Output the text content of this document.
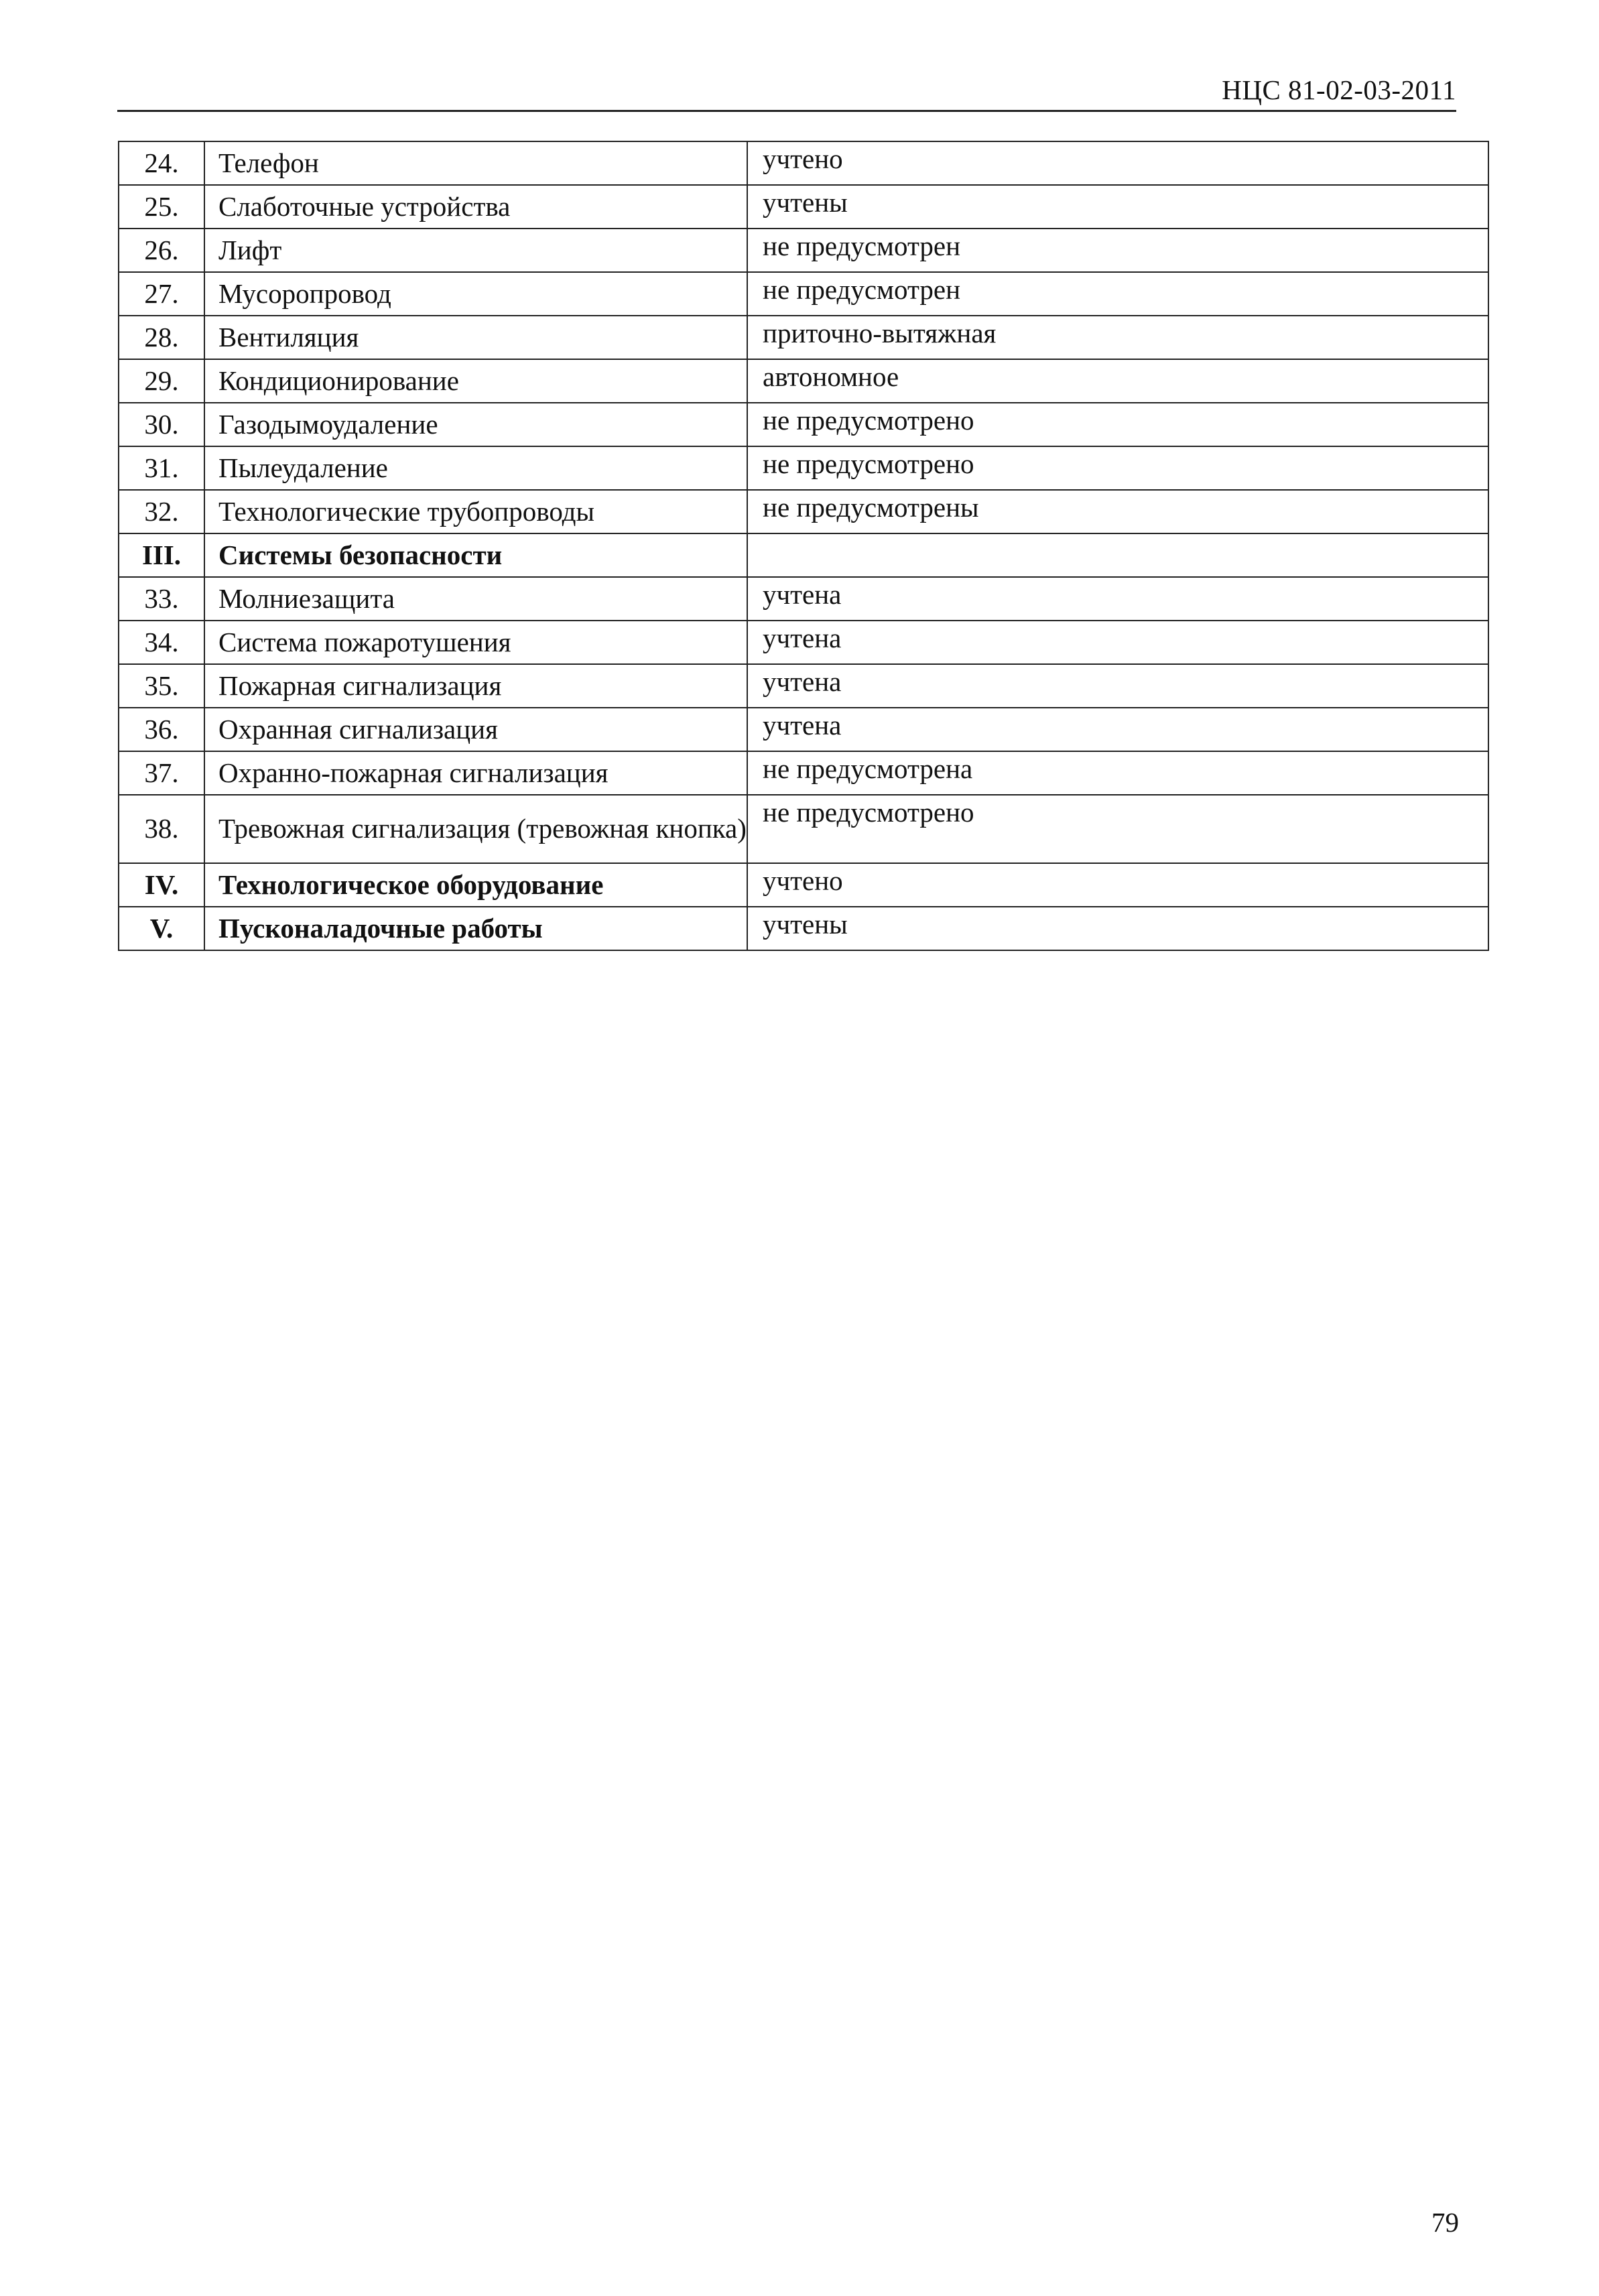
НЦС 81-02-03-2011
24.	Телефон	учтено
25.	Слаботочные устройства	учтены
26.	Лифт	не предусмотрен
27.	Мусоропровод	не предусмотрен
28.	Вентиляция	приточно-вытяжная
29.	Кондиционирование	автономное
30.	Газодымоудаление	не предусмотрено
31.	Пылеудаление	не предусмотрено
32.	Технологические трубопроводы	не предусмотрены
III.	Системы безопасности	
33.	Молниезащита	учтена
34.	Система пожаротушения	учтена
35.	Пожарная сигнализация	учтена
36.	Охранная сигнализация	учтена
37.	Охранно-пожарная сигнализация	не предусмотрена
38.	Тревожная сигнализация (тревожная кнопка)	не предусмотрено
IV.	Технологическое оборудование	учтено
V.	Пусконаладочные работы	учтены
79
